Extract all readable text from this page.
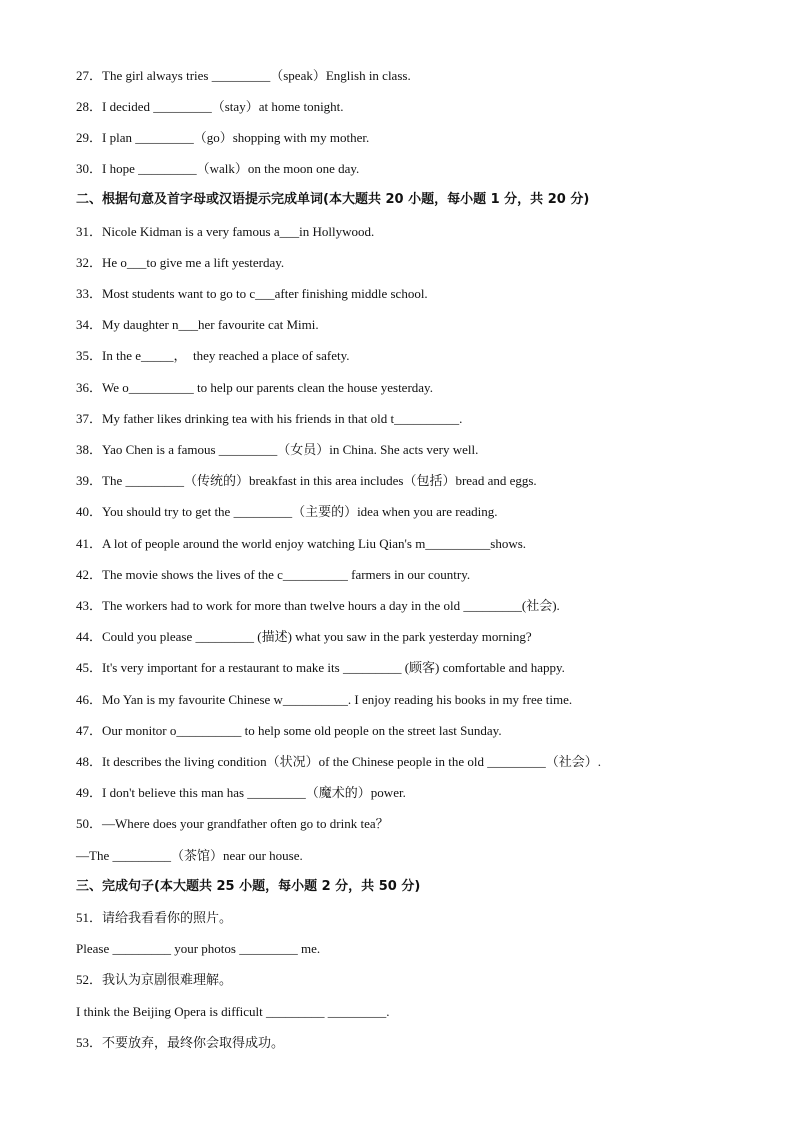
27．The girl always tries _________（speak）English in class.
28．I decided _________（stay）at home tonight.
29．I plan _________（go）shopping with my mother.
30．I hope _________（walk）on the moon one day.
二、根据句意及首字母或汉语提示完成单词(本大题共 20 小题，每小题 1 分，共 20 分)
31．Nicole Kidman is a very famous a___in Hollywood.
32．He o___to give me a lift yesterday.
33．Most students want to go to c___after finishing middle school.
34．My daughter n___her favourite cat Mimi.
35．In the e_____，  they reached a place of safety.
36．We o__________ to help our parents clean the house yesterday.
37．My father likes drinking tea with his friends in that old t__________.
38．Yao Chen is a famous _________（女员）in China. She acts very well.
39．The _________（传统的）breakfast in this area includes（包括）bread and eggs.
40．You should try to get the _________（主要的）idea when you are reading.
41．A lot of people around the world enjoy watching Liu Qian's m__________shows.
42．The movie shows the lives of the c__________ farmers in our country.
43．The workers had to work for more than twelve hours a day in the old _________(社会).
44．Could you please _________ (描述) what you saw in the park yesterday morning?
45．It's very important for a restaurant to make its _________ (顾客) comfortable and happy.
46．Mo Yan is my favourite Chinese w__________. I enjoy reading his books in my free time.
47．Our monitor o__________ to help some old people on the street last Sunday.
48．It describes the living condition（状况）of the Chinese people in the old _________（社会）.
49．I don't believe this man has _________（魔术的）power.
50．—Where does your grandfather often go to drink tea？
—The _________（茶馆）near our house.
三、完成句子(本大题共 25 小题，每小题 2 分，共 50 分)
51．请给我看看你的照片。
Please _________ your photos _________ me.
52．我认为京剧很难理解。
I think the Beijing Opera is difficult _________ _________.
53．不要放弃，最终你会取得成功。
